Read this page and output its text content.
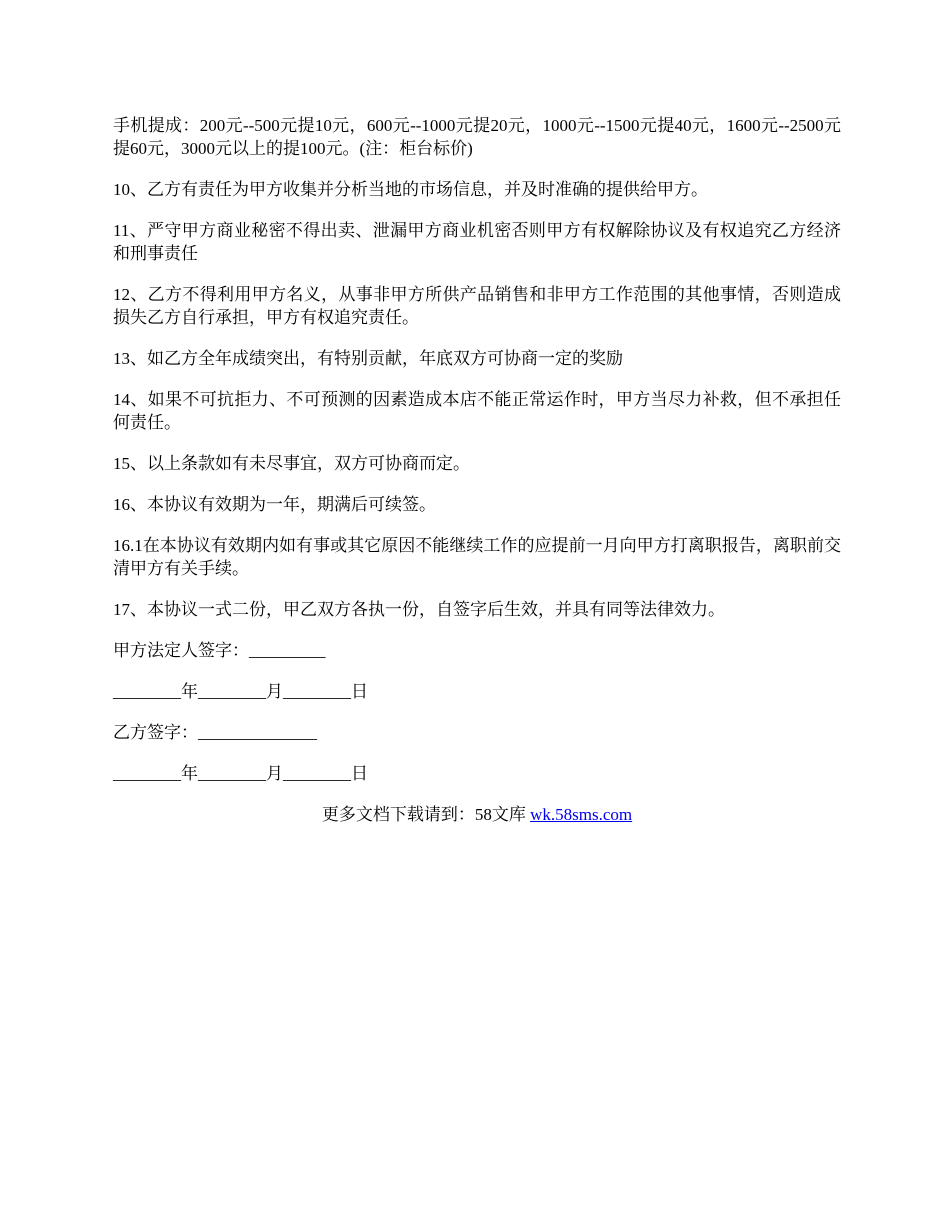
手机提成：200元--500元提10元，600元--1000元提20元，1000元--1500元提40元，1600元--2500元提60元，3000元以上的提100元。(注：柜台标价)

10、乙方有责任为甲方收集并分析当地的市场信息，并及时准确的提供给甲方。

11、严守甲方商业秘密不得出卖、泄漏甲方商业机密否则甲方有权解除协议及有权追究乙方经济和刑事责任

12、乙方不得利用甲方名义，从事非甲方所供产品销售和非甲方工作范围的其他事情，否则造成损失乙方自行承担，甲方有权追究责任。

13、如乙方全年成绩突出，有特别贡献，年底双方可协商一定的奖励

14、如果不可抗拒力、不可预测的因素造成本店不能正常运作时，甲方当尽力补救，但不承担任何责任。

15、以上条款如有未尽事宜，双方可协商而定。

16、本协议有效期为一年，期满后可续签。

16.1在本协议有效期内如有事或其它原因不能继续工作的应提前一月向甲方打离职报告，离职前交清甲方有关手续。

17、本协议一式二份，甲乙双方各执一份，自签字后生效，并具有同等法律效力。

甲方法定人签字：_________

________年________月________日

乙方签字：______________

________年________月________日

更多文档下载请到：58文库 wk.58sms.com
